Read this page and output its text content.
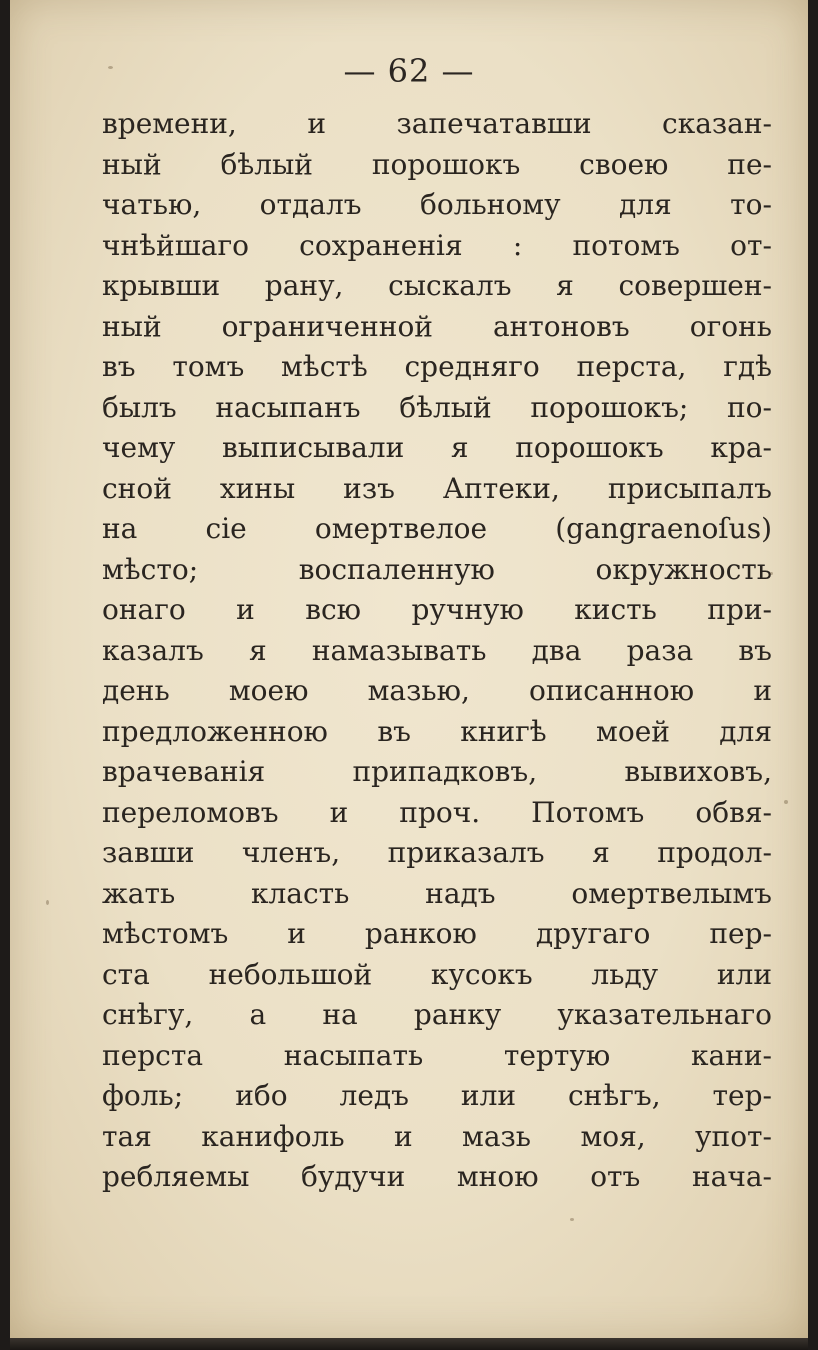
— 62 —
времени, и запечатавши сказан-
ный бѣлый порошокъ своею пе-
чатью, отдалъ больному для то-
чнѣйшаго сохраненія : потомъ от-
крывши рану, сыскалъ я совершен-
ный ограниченной антоновъ огонь
въ томъ мѣстѣ средняго перста, гдѣ
былъ насыпанъ бѣлый порошокъ; по-
чему выписывали я порошокъ кра-
сной хины изъ Аптеки, присыпалъ
на сіе омертвелое (gangraenoſus)
мѣсто; воспаленную окружность
онаго и всю ручную кисть при-
казалъ я намазывать два раза въ
день моею мазью, описанною и
предложенною въ книгѣ моей для
врачеванія припадковъ, вывиховъ,
переломовъ и проч. Потомъ обвя-
завши членъ, приказалъ я продол-
жать класть надъ омертвелымъ
мѣстомъ и ранкою другаго пер-
ста небольшой кусокъ льду или
снѣгу, а на ранку указательнаго
перста насыпать тертую кани-
фоль; ибо ледъ или снѣгъ, тер-
тая канифоль и мазь моя, упот-
ребляемы будучи мною отъ нача-
